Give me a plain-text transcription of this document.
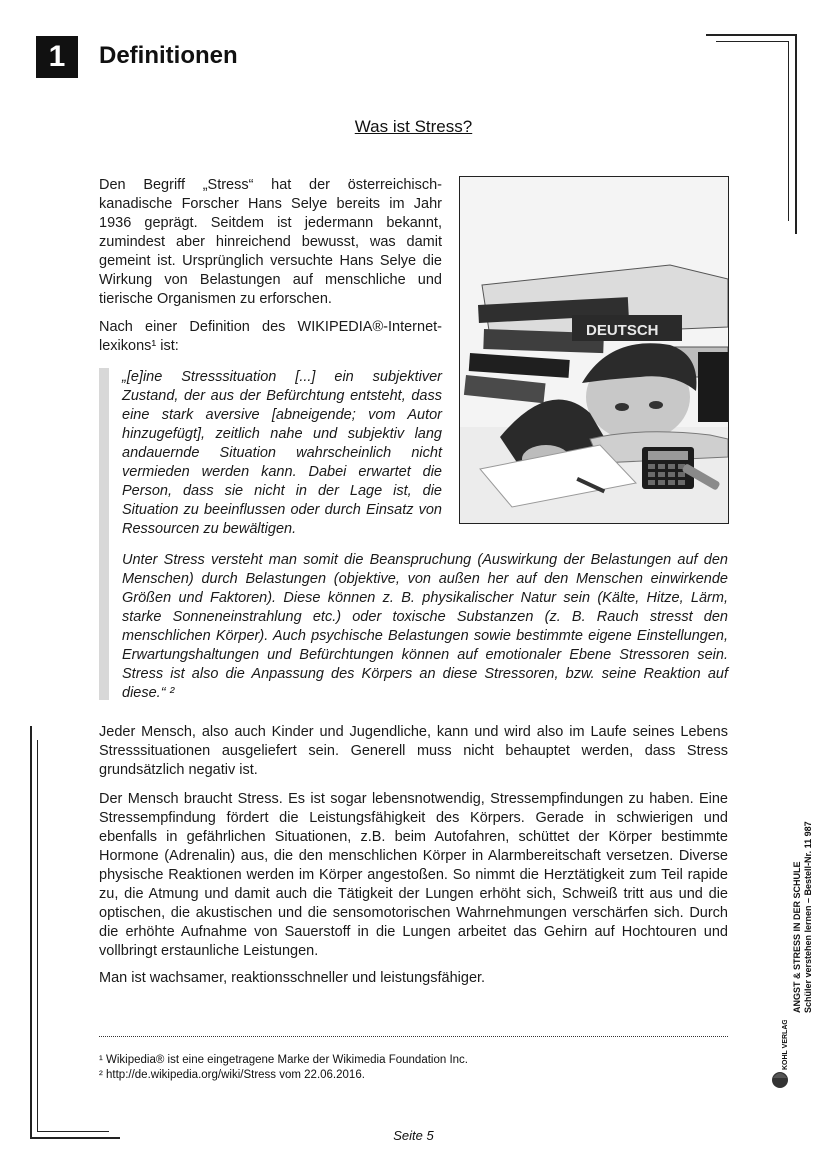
1	Definitionen
Was ist Stress?

Den Begriff „Stress“ hat der österreichisch-kanadische Forscher Hans Selye bereits im Jahr 1936 geprägt. Seitdem ist jedermann bekannt, zumindest aber hinreichend bewusst, was damit gemeint ist. Ursprünglich versuchte Hans Selye die Wirkung von Belastungen auf menschliche und tierische Organismen zu erforschen.

Nach einer Definition des WIKIPEDIA®-Internet-lexikons¹ ist:

„[e]ine Stresssituation [...] ein subjektiver Zustand, der aus der Befürchtung entsteht, dass eine stark aversive [abneigende; vom Autor hinzugefügt], zeitlich nahe und subjektiv lang andauernde Situation wahrscheinlich nicht vermieden werden kann. Dabei erwartet die Person, dass sie nicht in der Lage ist, die Situation zu beeinflussen oder durch Einsatz von Ressourcen zu bewältigen.

Unter Stress versteht man somit die Beanspruchung (Auswirkung der Belastungen auf den Menschen) durch Belastungen (objektive, von außen her auf den Menschen einwirkende Größen und Faktoren). Diese können z. B. physikalischer Natur sein (Kälte, Hitze, Lärm, starke Sonneneinstrahlung etc.) oder toxische Substanzen (z. B. Rauch stresst den menschlichen Körper). Auch psychische Belastungen sowie bestimmte eigene Einstellungen, Erwartungshaltungen und Befürchtungen können auf emotionaler Ebene Stressoren sein. Stress ist also die Anpassung des Körpers an diese Stressoren, bzw. seine Reaktion auf diese.“ ²

DEUTSCH

Jeder Mensch, also auch Kinder und Jugendliche, kann und wird also im Laufe seines Lebens Stresssituationen ausgeliefert sein. Generell muss nicht behauptet werden, dass Stress grundsätzlich negativ ist.

Der Mensch braucht Stress. Es ist sogar lebensnotwendig, Stressempfindungen zu haben. Eine Stressempfindung fördert die Leistungsfähigkeit des Körpers. Gerade in schwierigen und ebenfalls in gefährlichen Situationen, z.B. beim Autofahren, schüttet der Körper bestimmte Hormone (Adrenalin) aus, die den menschlichen Körper in Alarmbereitschaft versetzen. Diverse physische Reaktionen werden im Körper angestoßen. So nimmt die Herztätigkeit zum Teil rapide zu, die Atmung und damit auch die Tätigkeit der Lungen erhöht sich, Schweiß tritt aus und die optischen, die akustischen und die sensomotorischen Wahrnehmungen verschärfen sich. Durch die erhöhte Aufnahme von Sauerstoff in die Lungen arbeitet das Gehirn auf Hochtouren und vollbringt erstaunliche Leistungen.

Man ist wachsamer, reaktionsschneller und leistungsfähiger.

¹ Wikipedia® ist eine eingetragene Marke der Wikimedia Foundation Inc.
² http://de.wikipedia.org/wiki/Stress vom 22.06.2016.
ANGST & STRESS IN DER SCHULE Schüler verstehen lernen – Bestell-Nr. 11 987
KOHL VERLAG
Seite 5
